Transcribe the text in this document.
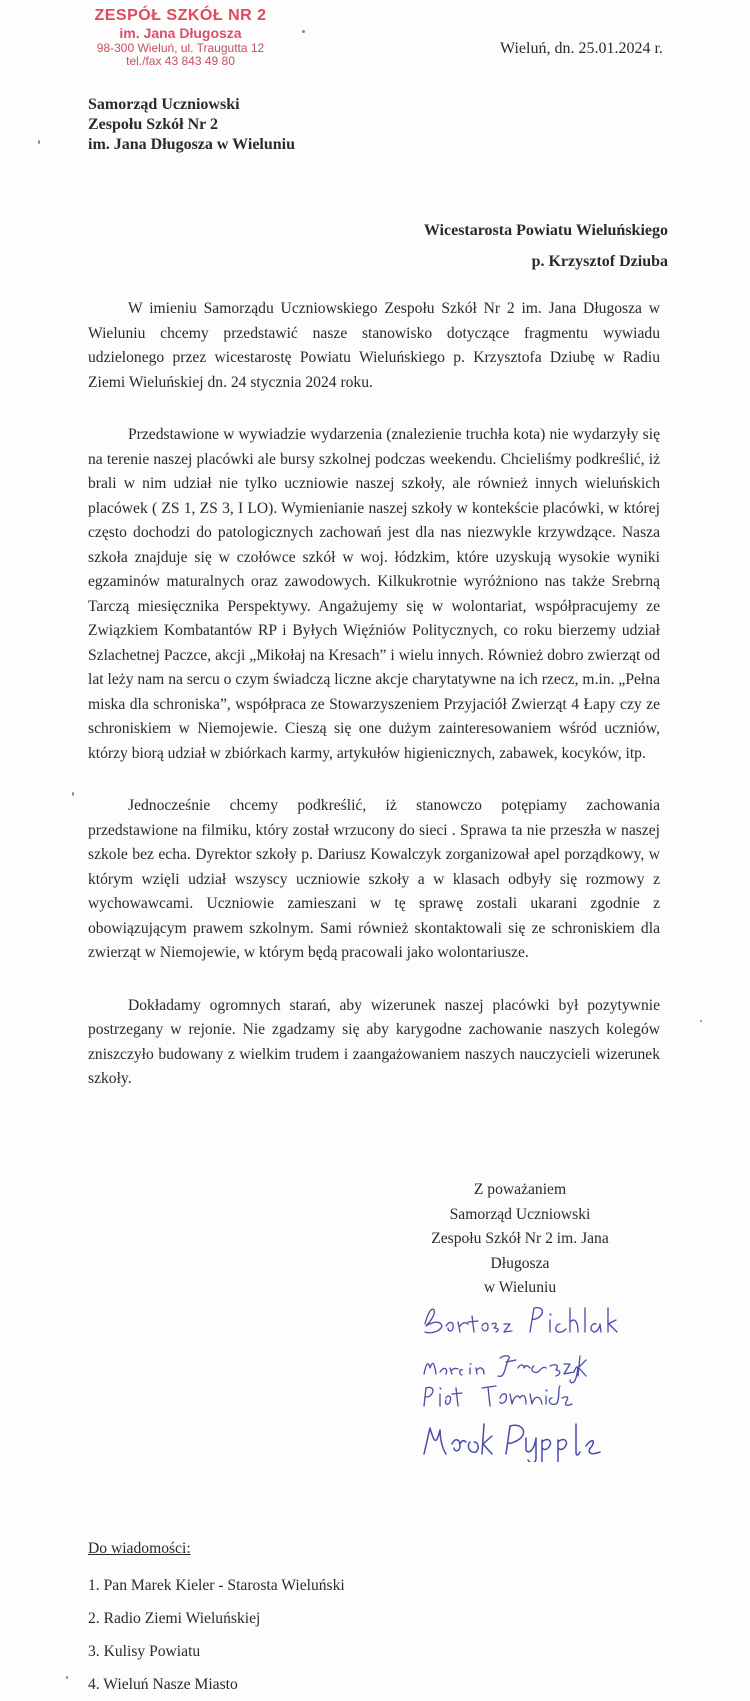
ZESPÓŁ SZKÓŁ NR 2
im. Jana Długosza
98-300 Wieluń, ul. Traugutta 12
tel./fax 43 843 49 80
Wieluń, dn. 25.01.2024 r.
Samorząd Uczniowski
Zespołu Szkół Nr 2
im. Jana Długosza w Wieluniu
Wicestarosta Powiatu Wieluńskiego
p. Krzysztof Dziuba

W imieniu Samorządu Uczniowskiego Zespołu Szkół Nr 2 im. Jana Długosza w Wieluniu chcemy przedstawić nasze stanowisko dotyczące fragmentu wywiadu udzielonego przez wicestarostę Powiatu Wieluńskiego p. Krzysztofa Dziubę w Radiu Ziemi Wieluńskiej dn. 24 stycznia 2024 roku.

Przedstawione w wywiadzie wydarzenia (znalezienie truchła kota) nie wydarzyły się na terenie naszej placówki ale bursy szkolnej podczas weekendu. Chcieliśmy podkreślić, iż brali w nim udział nie tylko uczniowie naszej szkoły, ale również innych wieluńskich placówek ( ZS 1, ZS 3, I LO). Wymienianie naszej szkoły w kontekście placówki, w której często dochodzi do patologicznych zachowań jest dla nas niezwykle krzywdzące. Nasza szkoła znajduje się w czołówce szkół w woj. łódzkim, które uzyskują wysokie wyniki egzaminów maturalnych oraz zawodowych. Kilkukrotnie wyróżniono nas także Srebrną Tarczą miesięcznika Perspektywy. Angażujemy się w wolontariat, współpracujemy ze Związkiem Kombatantów RP i Byłych Więźniów Politycznych, co roku bierzemy udział Szlachetnej Paczce, akcji „Mikołaj na Kresach” i wielu innych. Również dobro zwierząt od lat leży nam na sercu o czym świadczą liczne akcje charytatywne na ich rzecz, m.in. „Pełna miska dla schroniska”, współpraca ze Stowarzyszeniem Przyjaciół Zwierząt 4 Łapy czy ze schroniskiem w Niemojewie. Cieszą się one dużym zainteresowaniem wśród uczniów, którzy biorą udział w zbiórkach karmy, artykułów higienicznych, zabawek, kocyków, itp.

Jednocześnie chcemy podkreślić, iż stanowczo potępiamy zachowania przedstawione na filmiku, który został wrzucony do sieci . Sprawa ta nie przeszła w naszej szkole bez echa. Dyrektor szkoły p. Dariusz Kowalczyk zorganizował apel porządkowy, w którym wzięli udział wszyscy uczniowie szkoły a w klasach odbyły się rozmowy z wychowawcami. Uczniowie zamieszani w tę sprawę zostali ukarani zgodnie z obowiązującym prawem szkolnym. Sami również skontaktowali się ze schroniskiem dla zwierząt w Niemojewie, w którym będą pracowali jako wolontariusze.

Dokładamy ogromnych starań, aby wizerunek naszej placówki był pozytywnie postrzegany w rejonie. Nie zgadzamy się aby karygodne zachowanie naszych kolegów zniszczyło budowany z wielkim trudem i zaangażowaniem naszych nauczycieli wizerunek szkoły.

Z poważaniem
Samorząd Uczniowski
Zespołu Szkół Nr 2 im. Jana Długosza
w Wieluniu
Do wiadomości:
1. Pan Marek Kieler - Starosta Wieluński
2. Radio Ziemi Wieluńskiej
3. Kulisy Powiatu
4. Wieluń Nasze Miasto
